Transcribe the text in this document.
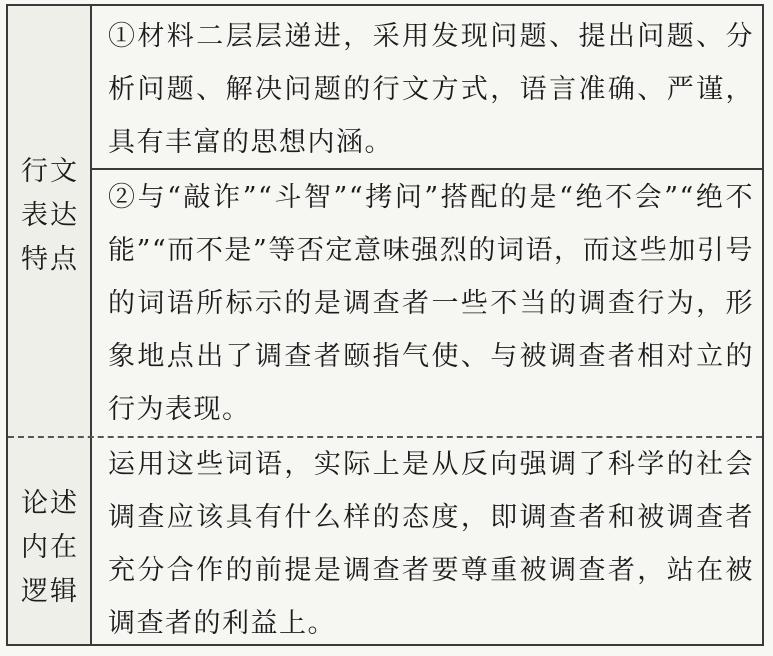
行文
表达
特点
①材料二层层递进，采用发现问题、提出问题、分析问题、解决问题的行文方式，语言准确、严谨，具有丰富的思想内涵。
②与“敲诈”“斗智”“拷问”搭配的是“绝不会”“绝不能”“而不是”等否定意味强烈的词语，而这些加引号的词语所标示的是调查者一些不当的调查行为，形象地点出了调查者颐指气使、与被调查者相对立的行为表现。
论述
内在
逻辑
运用这些词语，实际上是从反向强调了科学的社会调查应该具有什么样的态度，即调查者和被调查者充分合作的前提是调查者要尊重被调查者，站在被调查者的利益上。
